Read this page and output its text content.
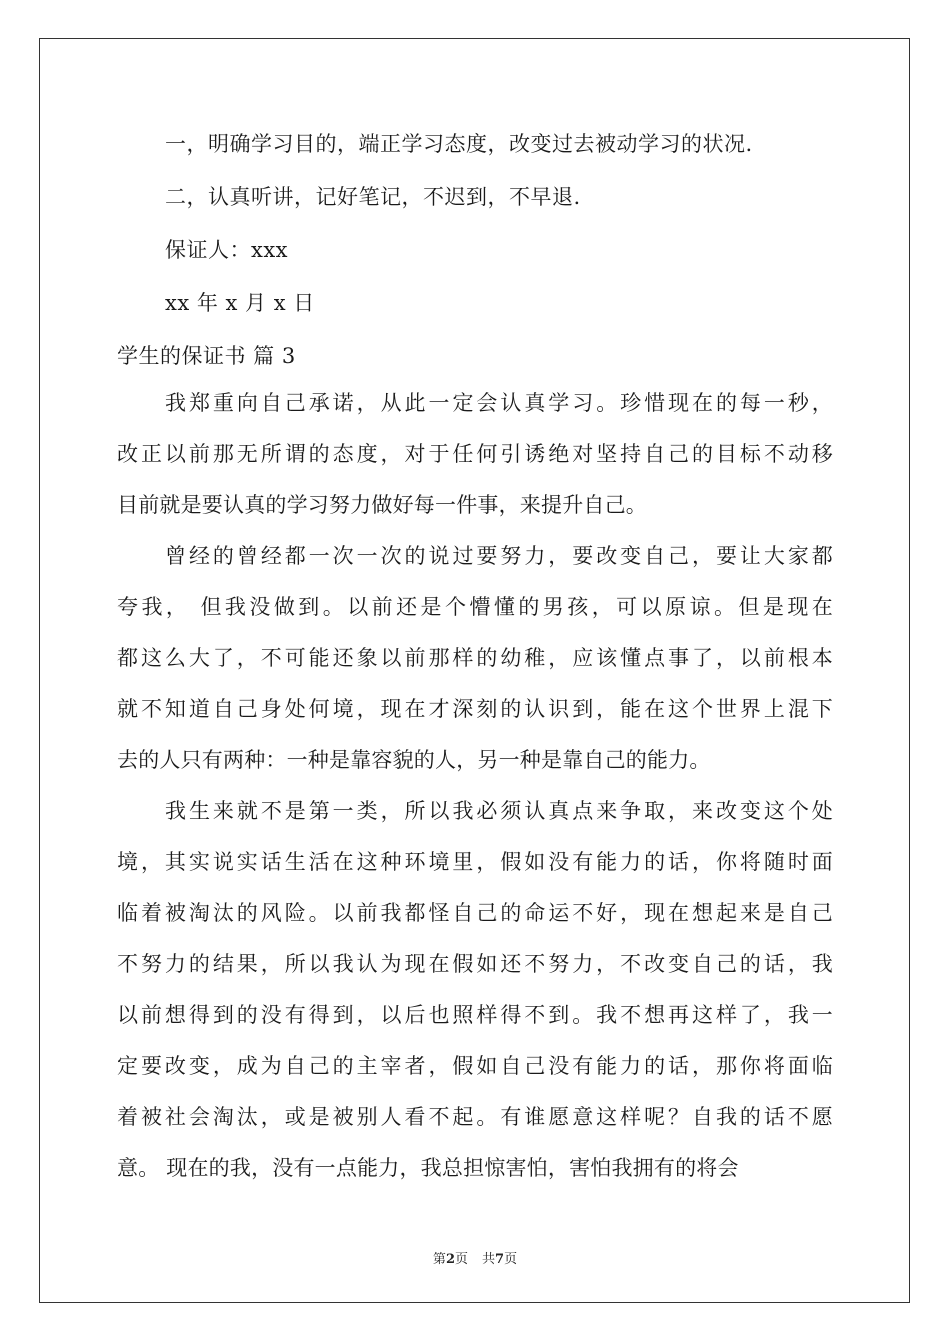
一，明确学习目的，端正学习态度，改变过去被动学习的状况.
二，认真听讲，记好笔记，不迟到，不早退.
保证人：xxx
xx 年 x 月 x 日
学生的保证书 篇 3
我郑重向自己承诺，从此一定会认真学习。珍惜现在的每一秒，
改正以前那无所谓的态度，对于任何引诱绝对坚持自己的目标不动移
目前就是要认真的学习努力做好每一件事，来提升自己。
曾经的曾经都一次一次的说过要努力，要改变自己，要让大家都
夸我， 但我没做到。以前还是个懵懂的男孩，可以原谅。但是现在
都这么大了，不可能还象以前那样的幼稚，应该懂点事了，以前根本
就不知道自己身处何境，现在才深刻的认识到，能在这个世界上混下
去的人只有两种：一种是靠容貌的人，另一种是靠自己的能力。
我生来就不是第一类，所以我必须认真点来争取，来改变这个处
境，其实说实话生活在这种环境里，假如没有能力的话，你将随时面
临着被淘汰的风险。以前我都怪自己的命运不好，现在想起来是自己
不努力的结果，所以我认为现在假如还不努力，不改变自己的话，我
以前想得到的没有得到，以后也照样得不到。我不想再这样了，我一
定要改变，成为自己的主宰者，假如自己没有能力的话，那你将面临
着被社会淘汰，或是被别人看不起。有谁愿意这样呢？自我的话不愿
意。 现在的我，没有一点能力，我总担惊害怕，害怕我拥有的将会
第2页 共7页
